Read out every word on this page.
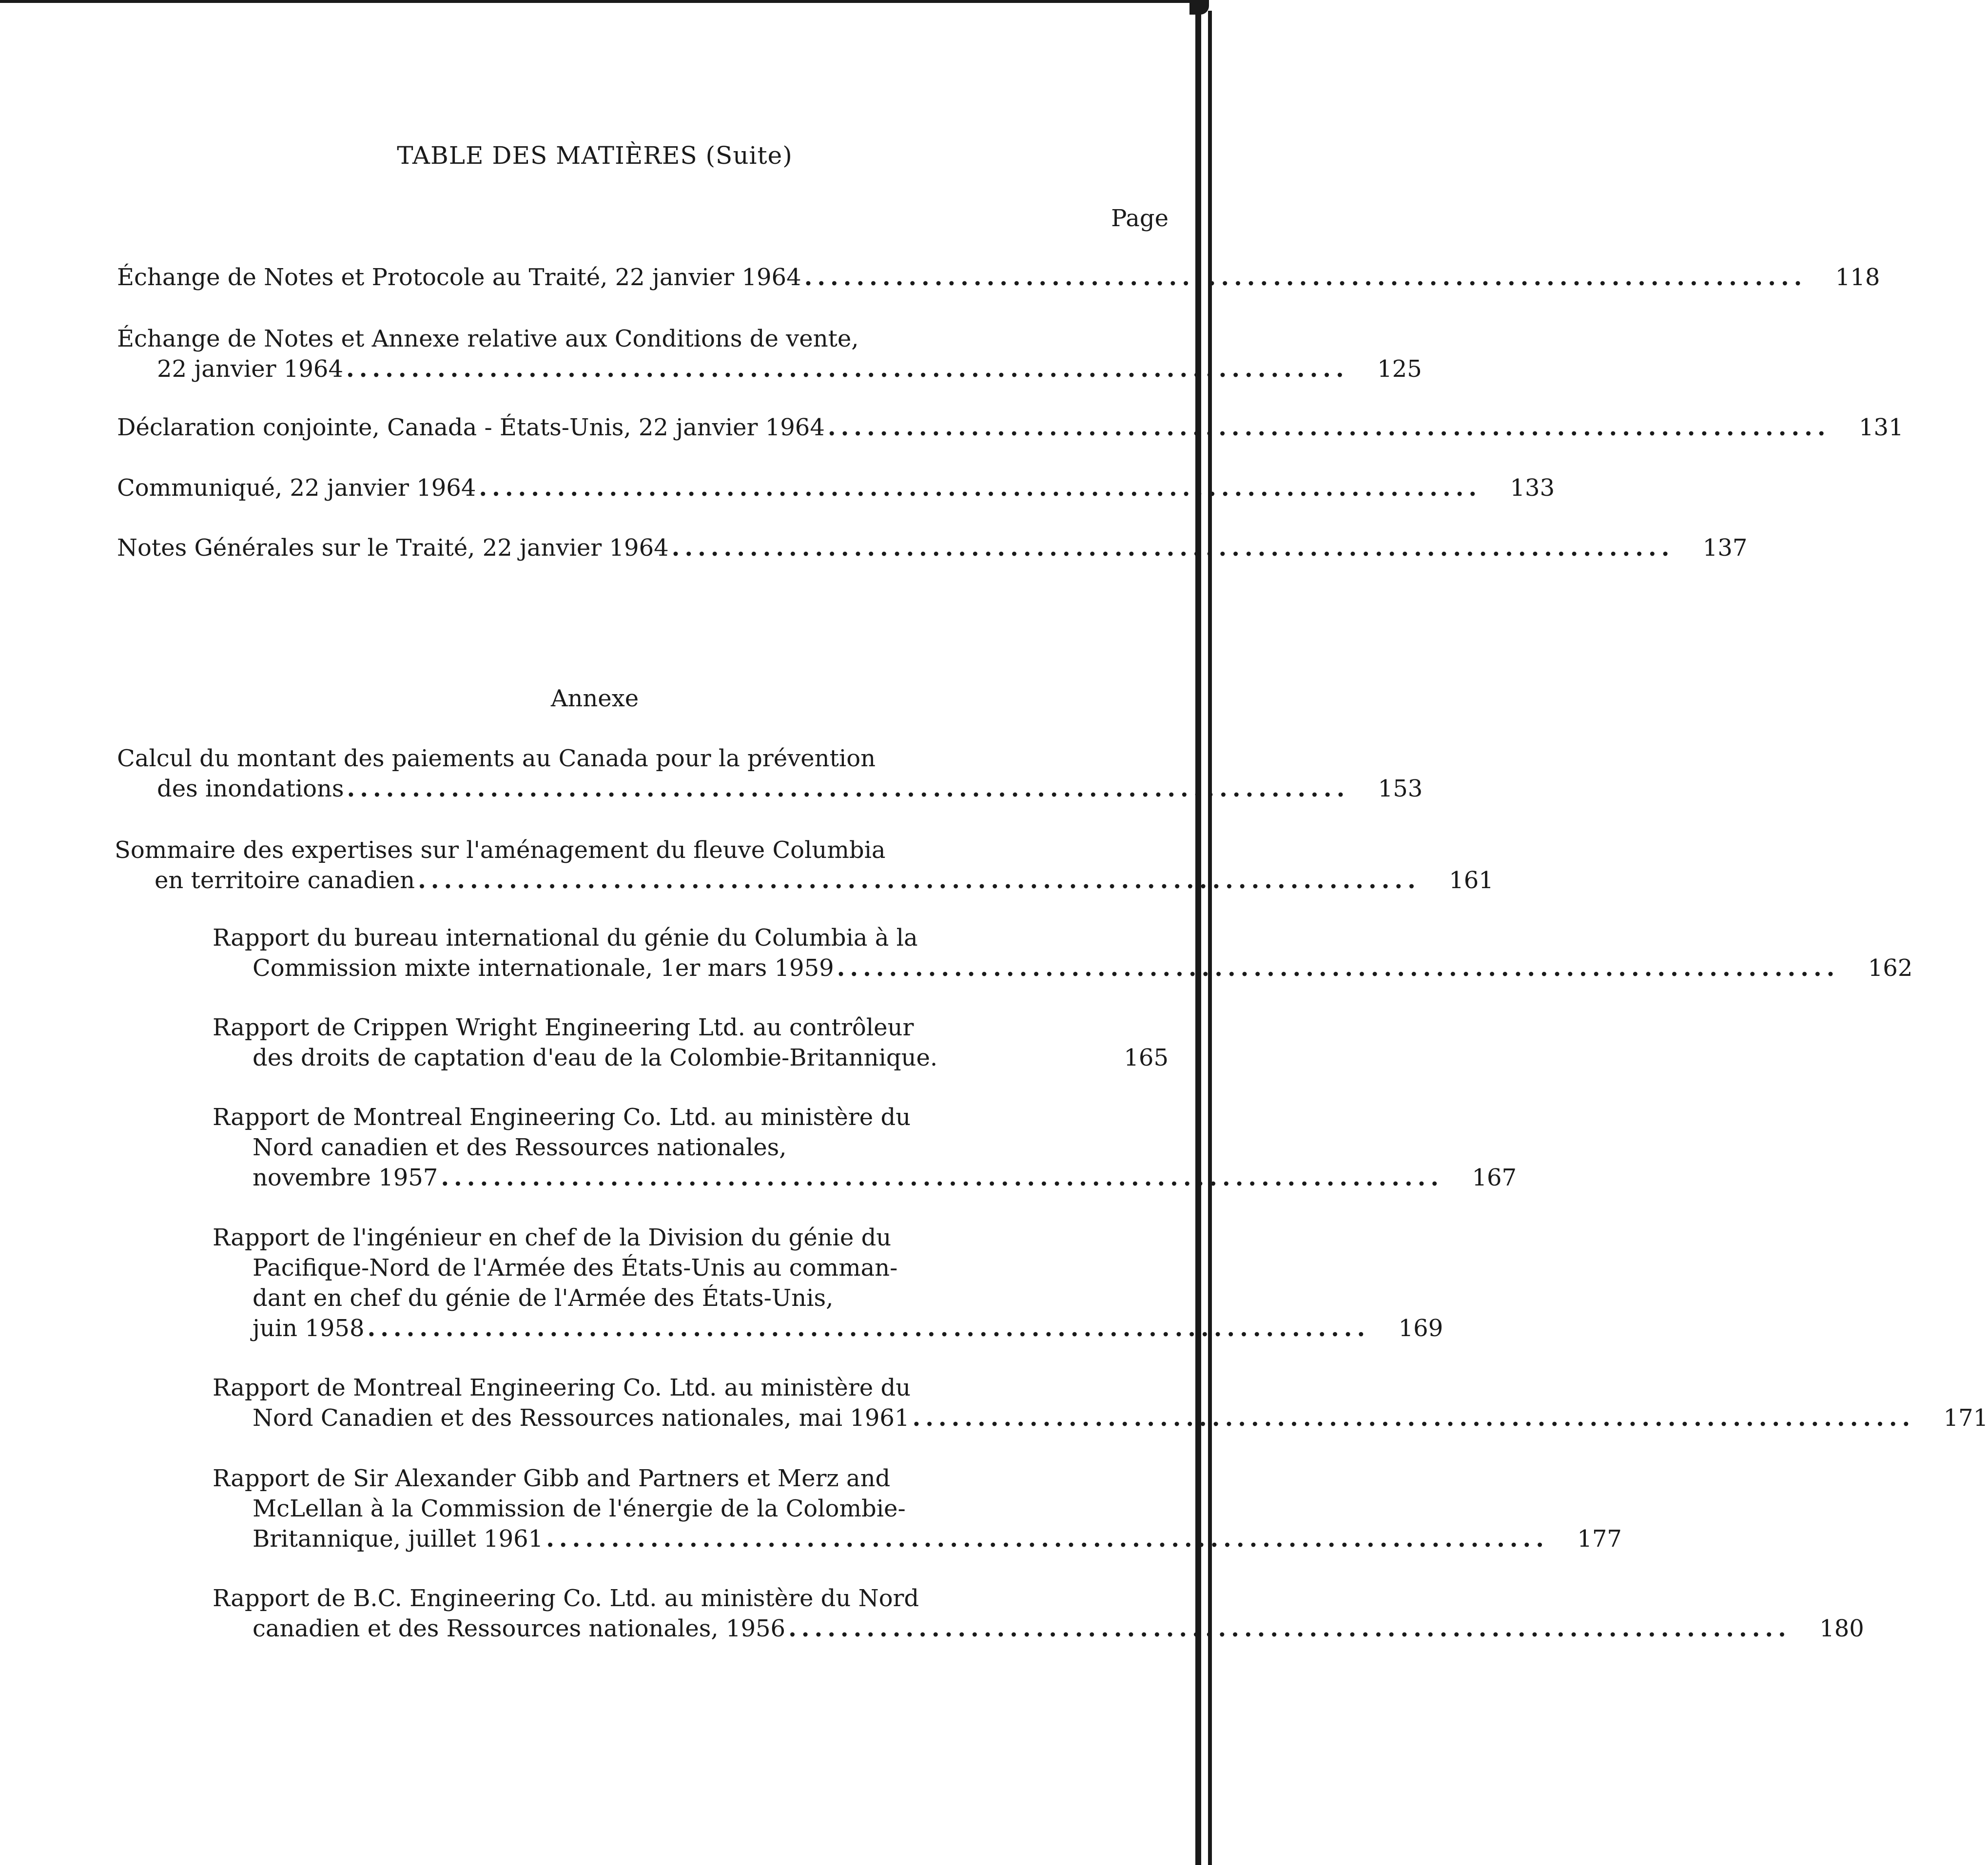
TABLE DES MATIÈRES (Suite)
Page
Échange de Notes et Protocole au Traité, 22 janvier 1964 .............................................................................	118
Échange de Notes et Annexe relative aux Conditions de vente,
22 janvier 1964 .............................................................................	125
Déclaration conjointe, Canada - États-Unis, 22 janvier 1964 .............................................................................	131
Communiqué, 22 janvier 1964 .............................................................................	133
Notes Générales sur le Traité, 22 janvier 1964 .............................................................................	137
Annexe
Calcul du montant des paiements au Canada pour la prévention
des inondations .............................................................................	153
Sommaire des expertises sur l'aménagement du fleuve Columbia
en territoire canadien .............................................................................	161
Rapport du bureau international du génie du Columbia à la
Commission mixte internationale, 1er mars 1959 .............................................................................	162
Rapport de Crippen Wright Engineering Ltd. au contrôleur
des droits de captation d'eau de la Colombie-Britannique.	165
Rapport de Montreal Engineering Co. Ltd. au ministère du
Nord canadien et des Ressources nationales,
novembre 1957 .............................................................................	167
Rapport de l'ingénieur en chef de la Division du génie du
Pacifique-Nord de l'Armée des États-Unis au comman-
dant en chef du génie de l'Armée des États-Unis,
juin 1958 .............................................................................	169
Rapport de Montreal Engineering Co. Ltd. au ministère du
Nord Canadien et des Ressources nationales, mai 1961 .............................................................................	171
Rapport de Sir Alexander Gibb and Partners et Merz and
McLellan à la Commission de l'énergie de la Colombie-
Britannique, juillet 1961 .............................................................................	177
Rapport de B.C. Engineering Co. Ltd. au ministère du Nord
canadien et des Ressources nationales, 1956 .............................................................................	180
